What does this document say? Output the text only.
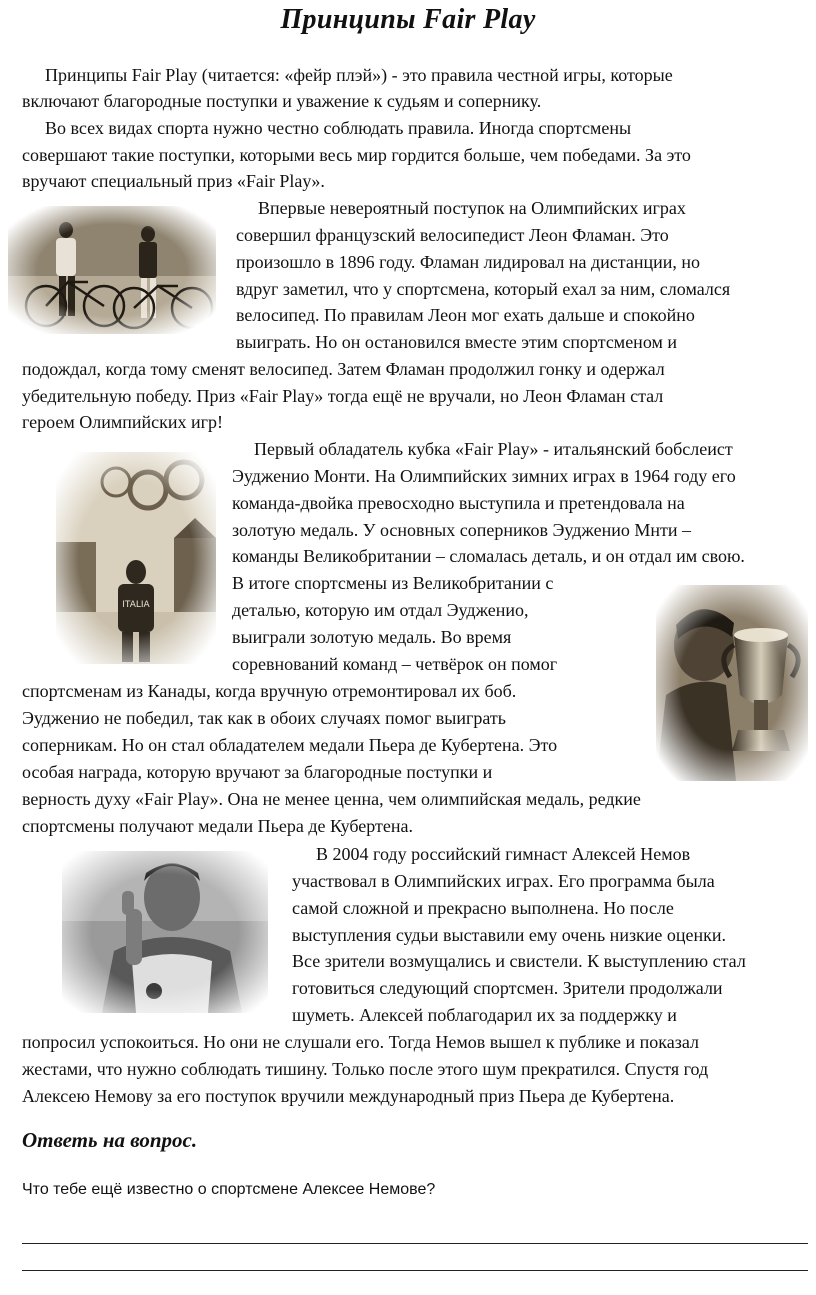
Принципы Fair Play
Принципы Fair Play (читается: «фейр плэй») - это правила честной игры, которые
включают благородные поступки и уважение к судьям и сопернику.
Во всех видах спорта нужно честно соблюдать правила. Иногда спортсмены
совершают такие поступки, которыми весь мир гордится больше, чем победами. За это
вручают специальный приз «Fair Play».
Впервые невероятный поступок на Олимпийских играх
совершил французский велосипедист Леон Фламан. Это
произошло в 1896 году. Фламан лидировал на дистанции, но
вдруг заметил, что у спортсмена, который ехал за ним, сломался
велосипед. По правилам Леон мог ехать дальше и спокойно
выиграть. Но он остановился вместе этим спортсменом и
подождал, когда тому сменят велосипед. Затем Фламан продолжил гонку и одержал
убедительную победу. Приз «Fair Play» тогда ещё не вручали, но Леон Фламан стал
героем Олимпийских игр!
Первый обладатель кубка «Fair Play» - итальянский бобслеист
Эудженио Монти. На Олимпийских зимних играх в 1964 году его
команда-двойка превосходно выступила и претендовала на
золотую медаль. У основных соперников Эудженио Мнти –
команды Великобритании – сломалась деталь, и он отдал им свою.
В итоге спортсмены из Великобритании с
деталью, которую им отдал Эудженио,
выиграли золотую медаль. Во время
соревнований команд – четвёрок он помог
спортсменам из Канады, когда вручную отремонтировал их боб.
Эудженио не победил, так как в обоих случаях помог выиграть
соперникам. Но он стал обладателем медали Пьера де Кубертена. Это
особая награда, которую вручают за благородные поступки и
верность духу «Fair Play». Она не менее ценна, чем олимпийская медаль, редкие
спортсмены получают медали Пьера де Кубертена.
В 2004 году российский гимнаст Алексей Немов
участвовал в Олимпийских играх. Его программа была
самой сложной и прекрасно выполнена. Но после
выступления судьи выставили ему очень низкие оценки.
Все зрители возмущались и свистели. К выступлению стал
готовиться следующий спортсмен. Зрители продолжали
шуметь. Алексей поблагодарил их за поддержку и
попросил успокоиться. Но они не слушали его. Тогда Немов вышел к публике и показал
жестами, что нужно соблюдать тишину. Только после этого шум прекратился. Спустя год
Алексею Немову за его поступок вручили международный приз Пьера де Кубертена.
Ответь на вопрос.
Что тебе ещё известно о спортсмене Алексее Немове?
